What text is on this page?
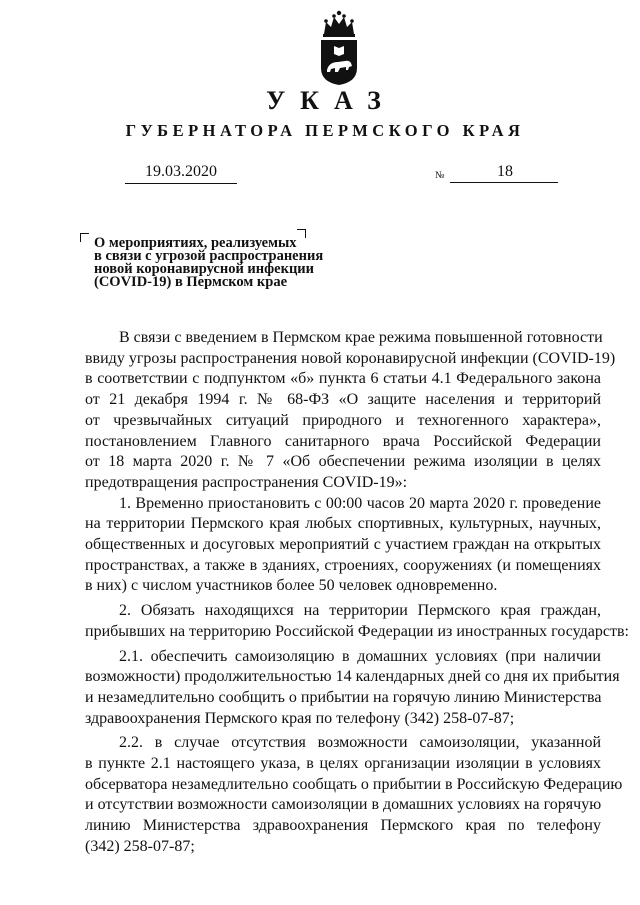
УКАЗ
ГУБЕРНАТОРА ПЕРМСКОГО КРАЯ
19.03.2020	№	18
О мероприятиях, реализуемых
в связи с угрозой распространения
новой коронавирусной инфекции
(COVID-19) в Пермском крае
В связи с введением в Пермском крае режима повышенной готовности
ввиду угрозы распространения новой коронавирусной инфекции (COVID-19)
в соответствии с подпунктом «б» пункта 6 статьи 4.1 Федерального закона
от 21 декабря 1994 г. № 68-ФЗ «О защите населения и территорий
от чрезвычайных ситуаций природного и техногенного характера»,
постановлением Главного санитарного врача Российской Федерации
от 18 марта 2020 г. № 7 «Об обеспечении режима изоляции в целях
предотвращения распространения COVID-19»:
1. Временно приостановить с 00:00 часов 20 марта 2020 г. проведение
на территории Пермского края любых спортивных, культурных, научных,
общественных и досуговых мероприятий с участием граждан на открытых
пространствах, а также в зданиях, строениях, сооружениях (и помещениях
в них) с числом участников более 50 человек одновременно.
2. Обязать находящихся на территории Пермского края граждан,
прибывших на территорию Российской Федерации из иностранных государств:
2.1. обеспечить самоизоляцию в домашних условиях (при наличии
возможности) продолжительностью 14 календарных дней со дня их прибытия
и незамедлительно сообщить о прибытии на горячую линию Министерства
здравоохранения Пермского края по телефону (342) 258-07-87;
2.2. в случае отсутствия возможности самоизоляции, указанной
в пункте 2.1 настоящего указа, в целях организации изоляции в условиях
обсерватора незамедлительно сообщать о прибытии в Российскую Федерацию
и отсутствии возможности самоизоляции в домашних условиях на горячую
линию Министерства здравоохранения Пермского края по телефону
(342) 258-07-87;
